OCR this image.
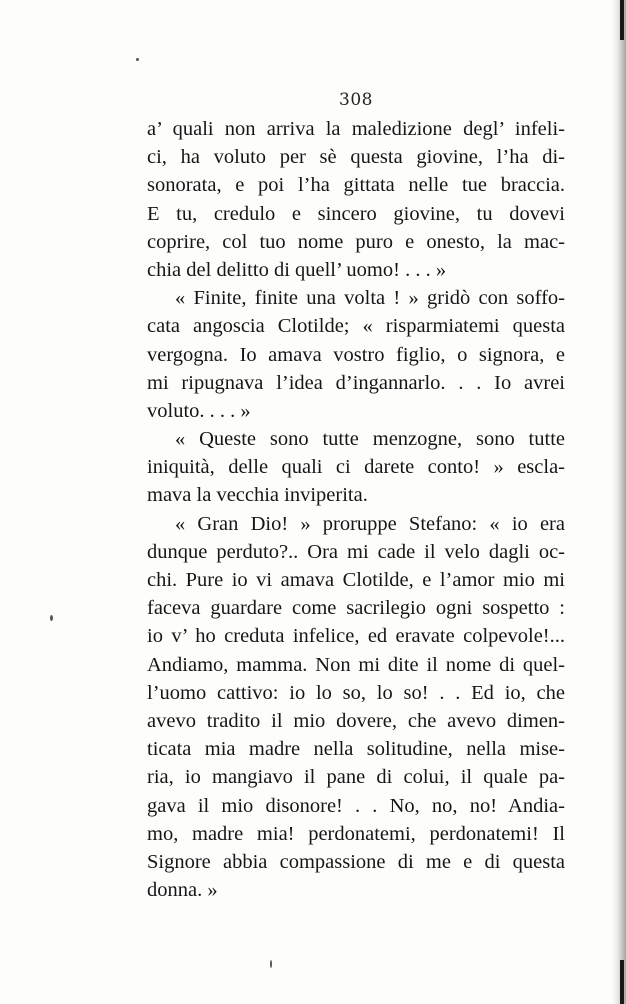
308
a’ quali non arriva la maledizione degl’ infeli-
ci, ha voluto per sè questa giovine, l’ha di-
sonorata, e poi l’ha gittata nelle tue braccia.
E tu, credulo e sincero giovine, tu dovevi
coprire, col tuo nome puro e onesto, la mac-
chia del delitto di quell’ uomo! . . . »
« Finite, finite una volta ! » gridò con soffo-
cata angoscia Clotilde; « risparmiatemi questa
vergogna. Io amava vostro figlio, o signora, e
mi ripugnava l’idea d’ingannarlo. . . Io avrei
voluto. . . . »
« Queste sono tutte menzogne, sono tutte
iniquità, delle quali ci darete conto! » escla-
mava la vecchia inviperita.
« Gran Dio! » proruppe Stefano: « io era
dunque perduto?.. Ora mi cade il velo dagli oc-
chi. Pure io vi amava Clotilde, e l’amor mio mi
faceva guardare come sacrilegio ogni sospetto :
io v’ ho creduta infelice, ed eravate colpevole!...
Andiamo, mamma. Non mi dite il nome di quel-
l’uomo cattivo: io lo so, lo so! . . Ed io, che
avevo tradito il mio dovere, che avevo dimen-
ticata mia madre nella solitudine, nella mise-
ria, io mangiavo il pane di colui, il quale pa-
gava il mio disonore! . . No, no, no! Andia-
mo, madre mia! perdonatemi, perdonatemi! Il
Signore abbia compassione di me e di questa
donna. »
